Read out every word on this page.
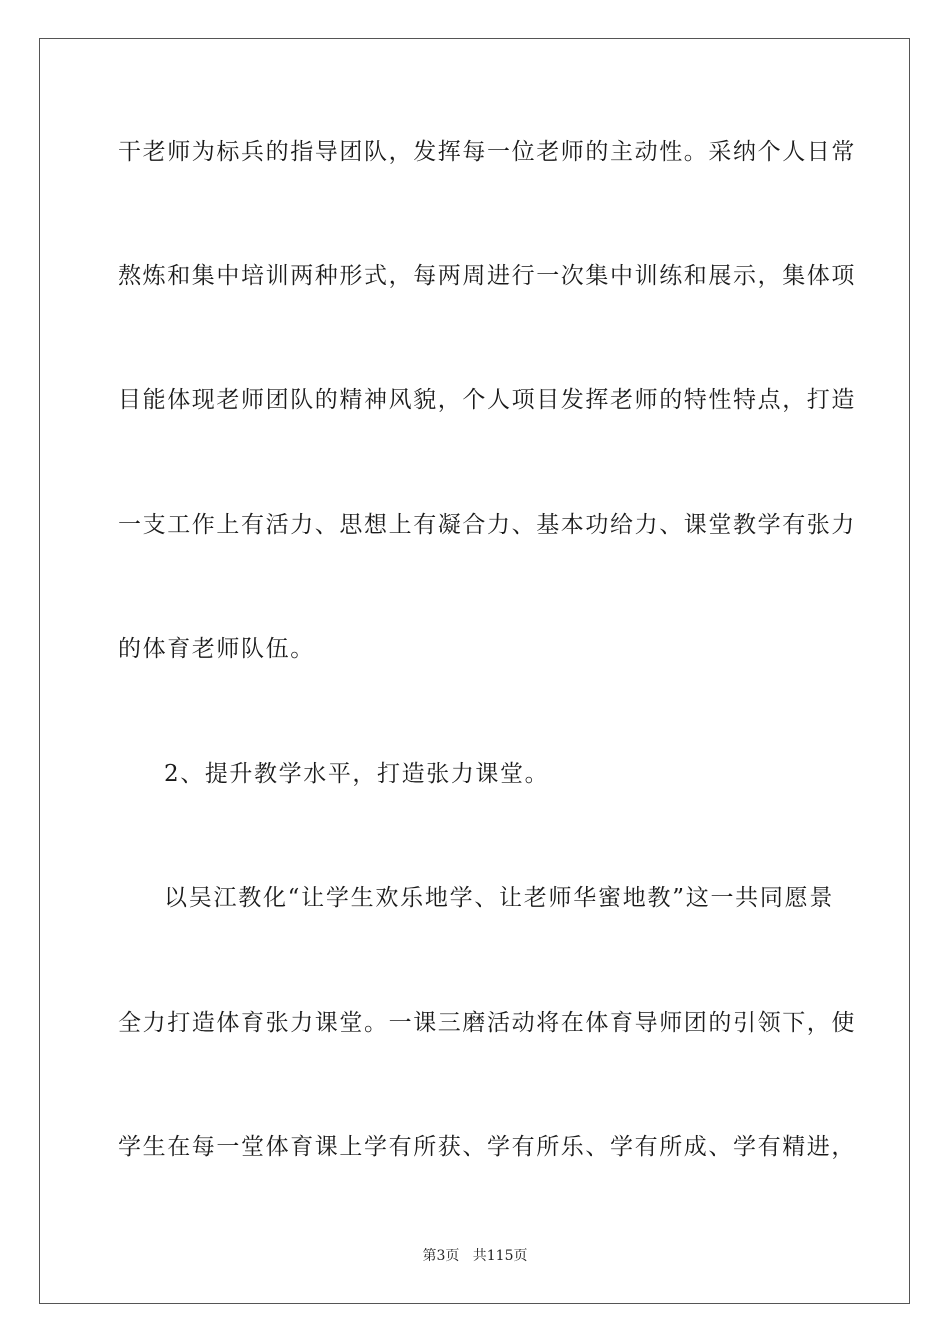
干老师为标兵的指导团队，发挥每一位老师的主动性。采纳个人日常
熬炼和集中培训两种形式，每两周进行一次集中训练和展示，集体项
目能体现老师团队的精神风貌，个人项目发挥老师的特性特点，打造
一支工作上有活力、思想上有凝合力、基本功给力、课堂教学有张力
的体育老师队伍。
2、提升教学水平，打造张力课堂。
以吴江教化“让学生欢乐地学、让老师华蜜地教”这一共同愿景
全力打造体育张力课堂。一课三磨活动将在体育导师团的引领下，使
学生在每一堂体育课上学有所获、学有所乐、学有所成、学有精进，
第3页   共115页
